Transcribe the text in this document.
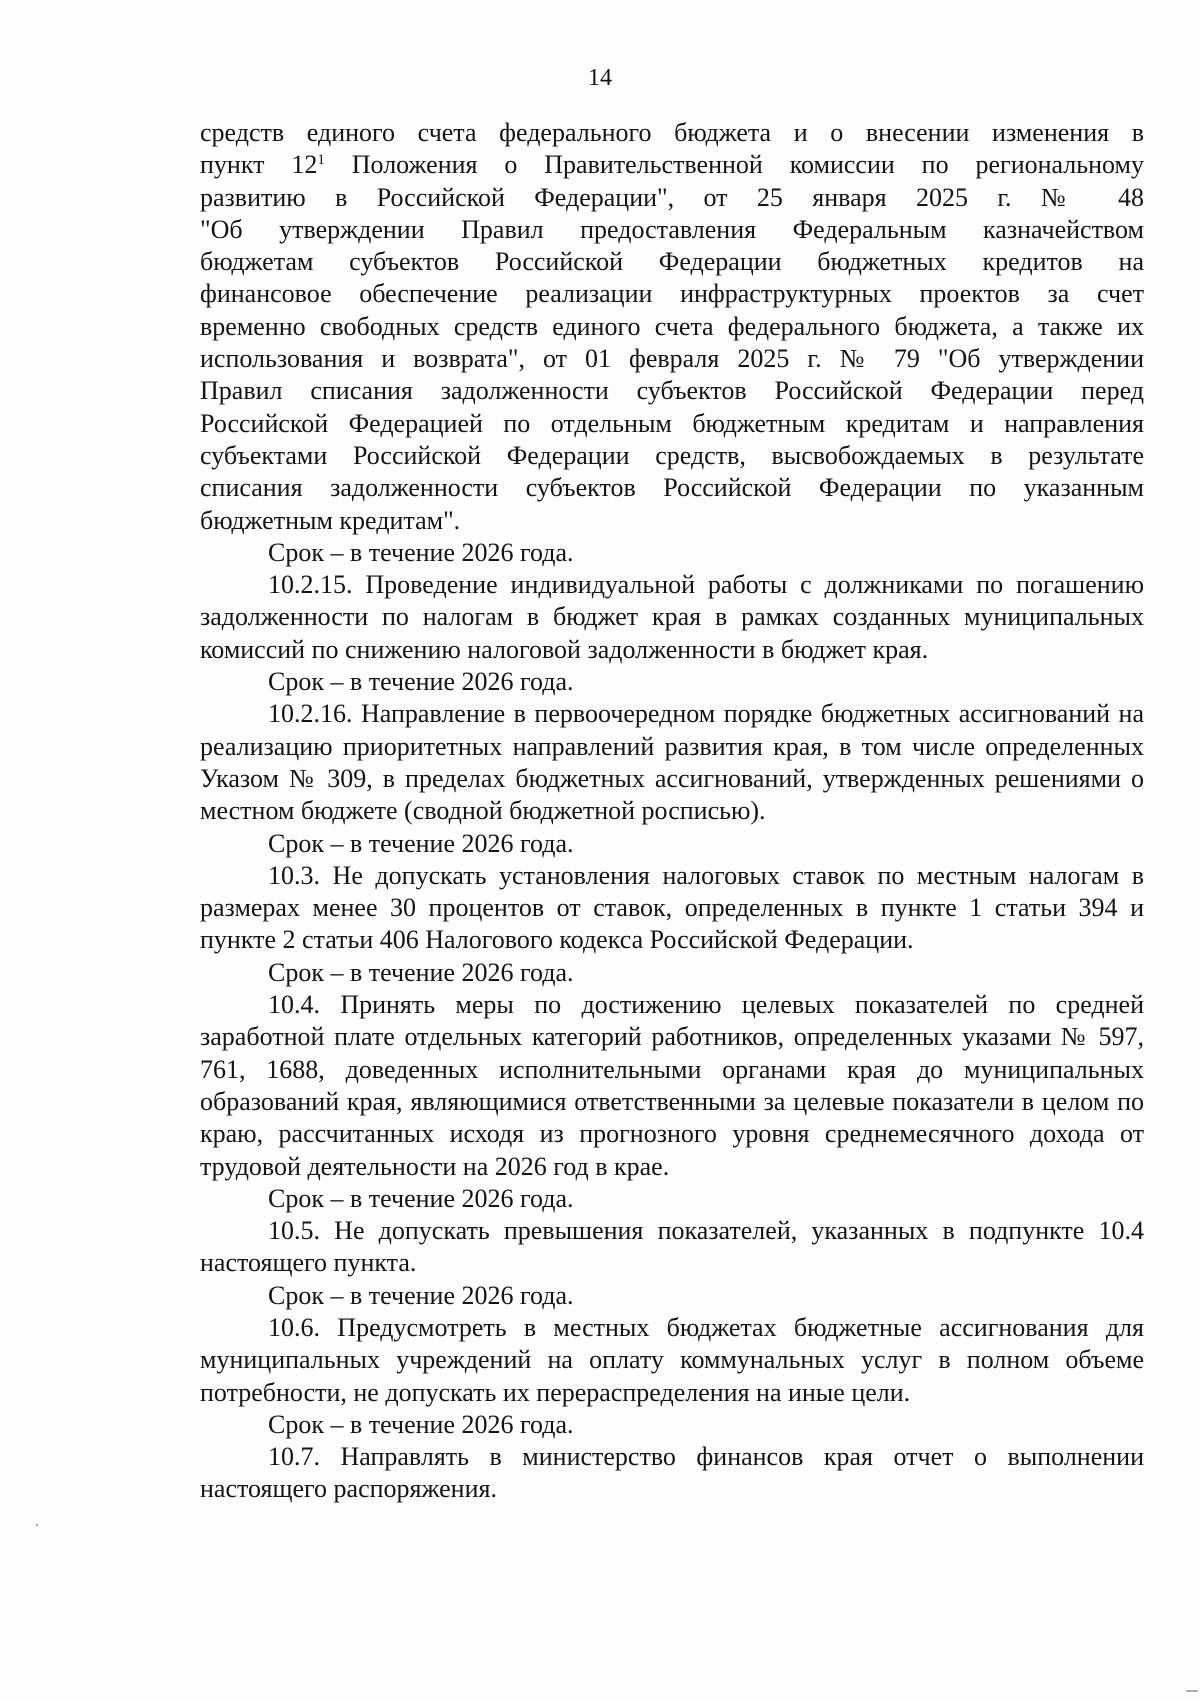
14

средств единого счета федерального бюджета и о внесении изменения в
пункт $12^1$ Положения о Правительственной комиссии по региональному
развитию в Российской Федерации", от 25 января 2025 г. № 48
"Об утверждении Правил предоставления Федеральным казначейством
бюджетам субъектов Российской Федерации бюджетных кредитов на
финансовое обеспечение реализации инфраструктурных проектов за счет
временно свободных средств единого счета федерального бюджета, а также их
использования и возврата", от 01 февраля 2025 г. № 79 "Об утверждении
Правил списания задолженности субъектов Российской Федерации перед
Российской Федерацией по отдельным бюджетным кредитам и направления
субъектами Российской Федерации средств, высвобождаемых в результате
списания задолженности субъектов Российской Федерации по указанным
бюджетным кредитам".

Срок – в течение 2026 года.

10.2.15. Проведение индивидуальной работы с должниками по погашению задолженности по налогам в бюджет края в рамках созданных муниципальных комиссий по снижению налоговой задолженности в бюджет края.

Срок – в течение 2026 года.

10.2.16. Направление в первоочередном порядке бюджетных ассигнований на реализацию приоритетных направлений развития края, в том числе определенных Указом № 309, в пределах бюджетных ассигнований, утвержденных решениями о местном бюджете (сводной бюджетной росписью).

Срок – в течение 2026 года.

10.3. Не допускать установления налоговых ставок по местным налогам в размерах менее 30 процентов от ставок, определенных в пункте 1 статьи 394 и пункте 2 статьи 406 Налогового кодекса Российской Федерации.

Срок – в течение 2026 года.

10.4. Принять меры по достижению целевых показателей по средней заработной плате отдельных категорий работников, определенных указами № 597, 761, 1688, доведенных исполнительными органами края до муниципальных образований края, являющимися ответственными за целевые показатели в целом по краю, рассчитанных исходя из прогнозного уровня среднемесячного дохода от трудовой деятельности на 2026 год в крае.

Срок – в течение 2026 года.

10.5. Не допускать превышения показателей, указанных в подпункте 10.4 настоящего пункта.

Срок – в течение 2026 года.

10.6. Предусмотреть в местных бюджетах бюджетные ассигнования для муниципальных учреждений на оплату коммунальных услуг в полном объеме потребности, не допускать их перераспределения на иные цели.

Срок – в течение 2026 года.

10.7. Направлять в министерство финансов края отчет о выполнении настоящего распоряжения.
